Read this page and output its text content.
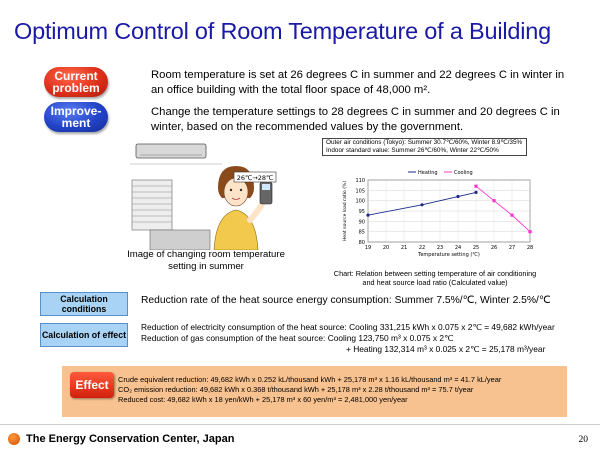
Optimum Control of Room Temperature of a Building
Current problem
Improve- ment
Room temperature is set at 26 degrees C in summer and 22 degrees C in winter in an office building with the total floor space of 48,000 m².
Change the temperature settings to 28 degrees C in summer and 20 degrees C in winter, based on the recommended values by the government.
26℃→28℃
Image of changing room temperature setting in summer
Outer air conditions (Tokyo): Summer 30.7℃/60%, Winter 8.9℃/35%
Indoor standard value: Summer 26℃/60%, Winter 22℃/50%
80
85
90
95
100
105
110
19 20 21 22 23 24 25 26 27 28
Temperature setting (℃)
Heat source load ratio (%)
Heating	Cooling
Chart: Relation between setting temperature of air conditioning and heat source load ratio (Calculated value)
Calculation conditions
Reduction rate of the heat source energy consumption: Summer 7.5%/℃, Winter 2.5%/℃
Calculation of effect
Reduction of electricity consumption of the heat source: Cooling 331,215 kWh x 0.075 x 2℃ = 49,682 kWh/year
Reduction of gas consumption of the heat source: Cooling 123,750 m³ x 0.075 x 2℃
+ Heating 132,314 m³ x 0.025 x 2℃ = 25,178 m³/year
Effect	Crude equivalent reduction: 49,682 kWh x 0.252 kL/thousand kWh + 25,178 m³ x 1.16 kL/thousand m³ = 41.7 kL/year
CO₂ emission reduction: 49,682 kWh x 0.368 t/thousand kWh + 25,178 m³ x 2.28 t/thousand m³ = 75.7 t/year
Reduced cost: 49,682 kWh x 18 yen/kWh + 25,178 m³ x 60 yen/m³ = 2,481,000 yen/year
The Energy Conservation Center, Japan	20
